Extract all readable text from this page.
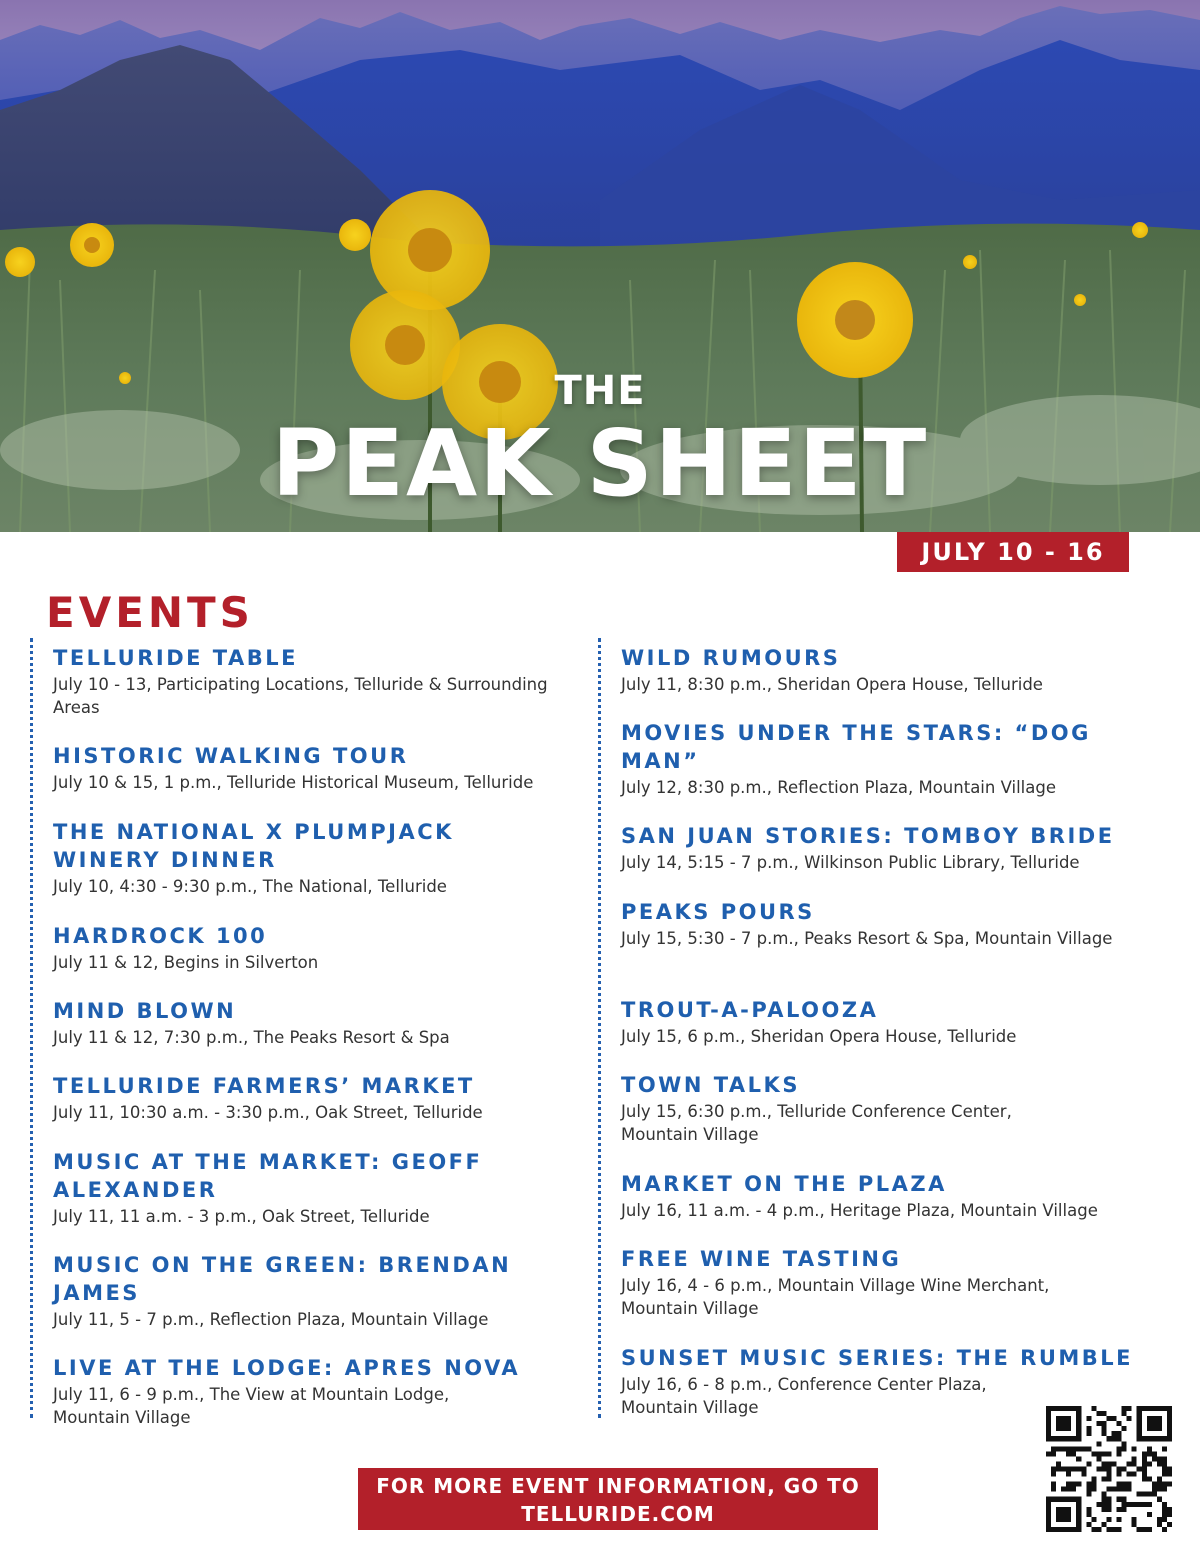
THE
PEAK SHEET
JULY 10 - 16
EVENTS
TELLURIDE TABLE
July 10 - 13, Participating Locations, Telluride & Surrounding Areas
HISTORIC WALKING TOUR
July 10 & 15, 1 p.m., Telluride Historical Museum, Telluride
THE NATIONAL X PLUMPJACK WINERY DINNER
July 10, 4:30 - 9:30 p.m., The National, Telluride
HARDROCK 100
July 11 & 12, Begins in Silverton
MIND BLOWN
July 11 & 12, 7:30 p.m., The Peaks Resort & Spa
TELLURIDE FARMERS’ MARKET
July 11, 10:30 a.m. - 3:30 p.m., Oak Street, Telluride
MUSIC AT THE MARKET: GEOFF ALEXANDER
July 11, 11 a.m. - 3 p.m., Oak Street, Telluride
MUSIC ON THE GREEN: BRENDAN JAMES
July 11, 5 - 7 p.m., Reflection Plaza, Mountain Village
LIVE AT THE LODGE: APRES NOVA
July 11, 6 - 9 p.m., The View at Mountain Lodge, Mountain Village
WILD RUMOURS
July 11, 8:30 p.m., Sheridan Opera House, Telluride
MOVIES UNDER THE STARS: “DOG MAN”
July 12, 8:30 p.m., Reflection Plaza, Mountain Village
SAN JUAN STORIES: TOMBOY BRIDE
July 14, 5:15 - 7 p.m., Wilkinson Public Library, Telluride
PEAKS POURS
July 15, 5:30 - 7 p.m., Peaks Resort & Spa, Mountain Village
TROUT-A-PALOOZA
July 15, 6 p.m., Sheridan Opera House, Telluride
TOWN TALKS
July 15, 6:30 p.m., Telluride Conference Center, Mountain Village
MARKET ON THE PLAZA
July 16, 11 a.m. - 4 p.m., Heritage Plaza, Mountain Village
FREE WINE TASTING
July 16, 4 - 6 p.m., Mountain Village Wine Merchant, Mountain Village
SUNSET MUSIC SERIES: THE RUMBLE
July 16, 6 - 8 p.m., Conference Center Plaza, Mountain Village
FOR MORE EVENT INFORMATION, GO TO
TELLURIDE.COM
